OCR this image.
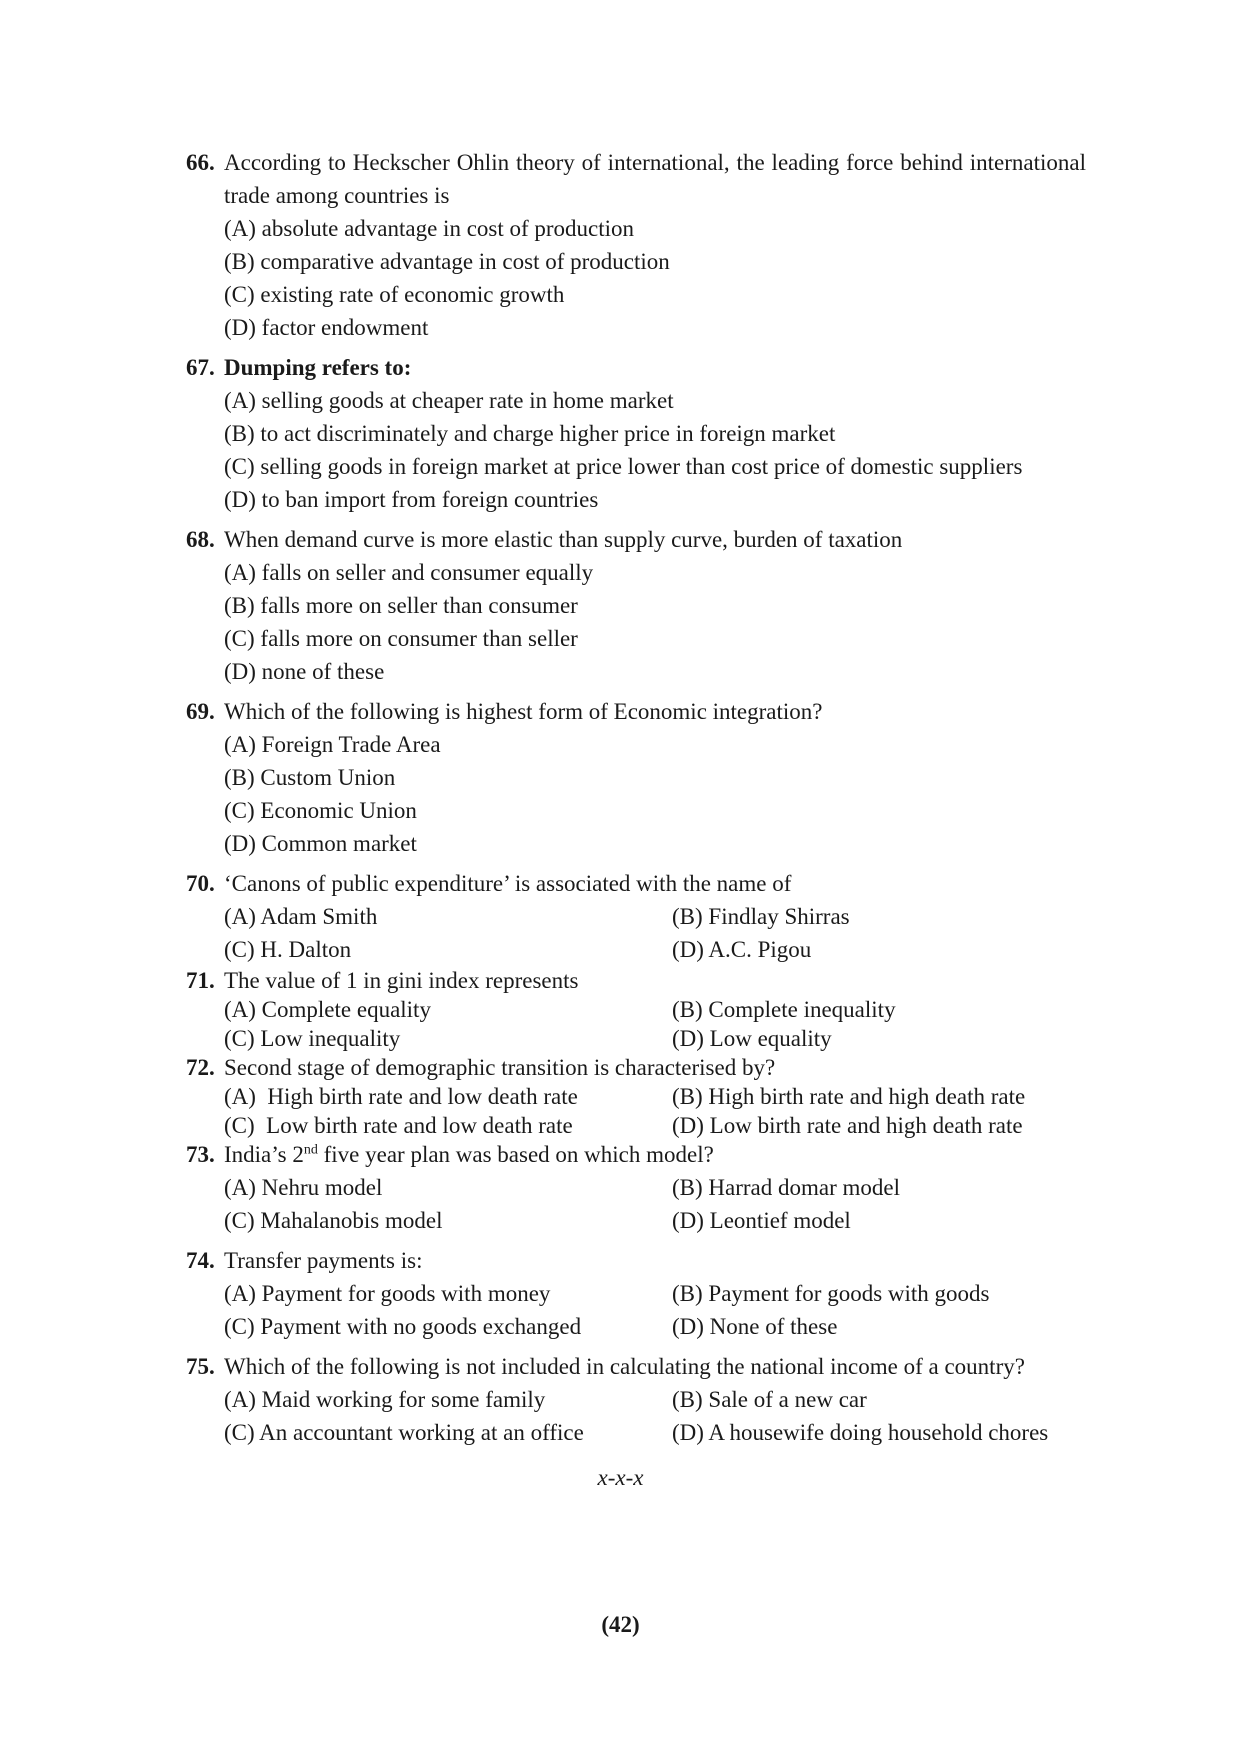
66. According to Heckscher Ohlin theory of international, the leading force behind international trade among countries is
(A) absolute advantage in cost of production
(B) comparative advantage in cost of production
(C) existing rate of economic growth
(D) factor endowment
67. Dumping refers to:
(A) selling goods at cheaper rate in home market
(B) to act discriminately and charge higher price in foreign market
(C) selling goods in foreign market at price lower than cost price of domestic suppliers
(D) to ban import from foreign countries
68. When demand curve is more elastic than supply curve, burden of taxation
(A) falls on seller and consumer equally
(B) falls more on seller than consumer
(C) falls more on consumer than seller
(D) none of these
69. Which of the following is highest form of Economic integration?
(A) Foreign Trade Area
(B) Custom Union
(C) Economic Union
(D) Common market
70. ‘Canons of public expenditure’ is associated with the name of
(A) Adam Smith	(B) Findlay Shirras
(C) H. Dalton	(D) A.C. Pigou
71. The value of 1 in gini index represents
(A) Complete equality	(B) Complete inequality
(C) Low inequality	(D) Low equality
72. Second stage of demographic transition is characterised by?
(A)  High birth rate and low death rate	(B) High birth rate and high death rate
(C)  Low birth rate and low death rate	(D) Low birth rate and high death rate
73. India’s 2nd five year plan was based on which model?
(A) Nehru model	(B) Harrad domar model
(C) Mahalanobis model	(D) Leontief model
74. Transfer payments is:
(A) Payment for goods with money	(B) Payment for goods with goods
(C) Payment with no goods exchanged	(D) None of these
75. Which of the following is not included in calculating the national income of a country?
(A) Maid working for some family	(B) Sale of a new car
(C) An accountant working at an office	(D) A housewife doing household chores
x-x-x
(42)
